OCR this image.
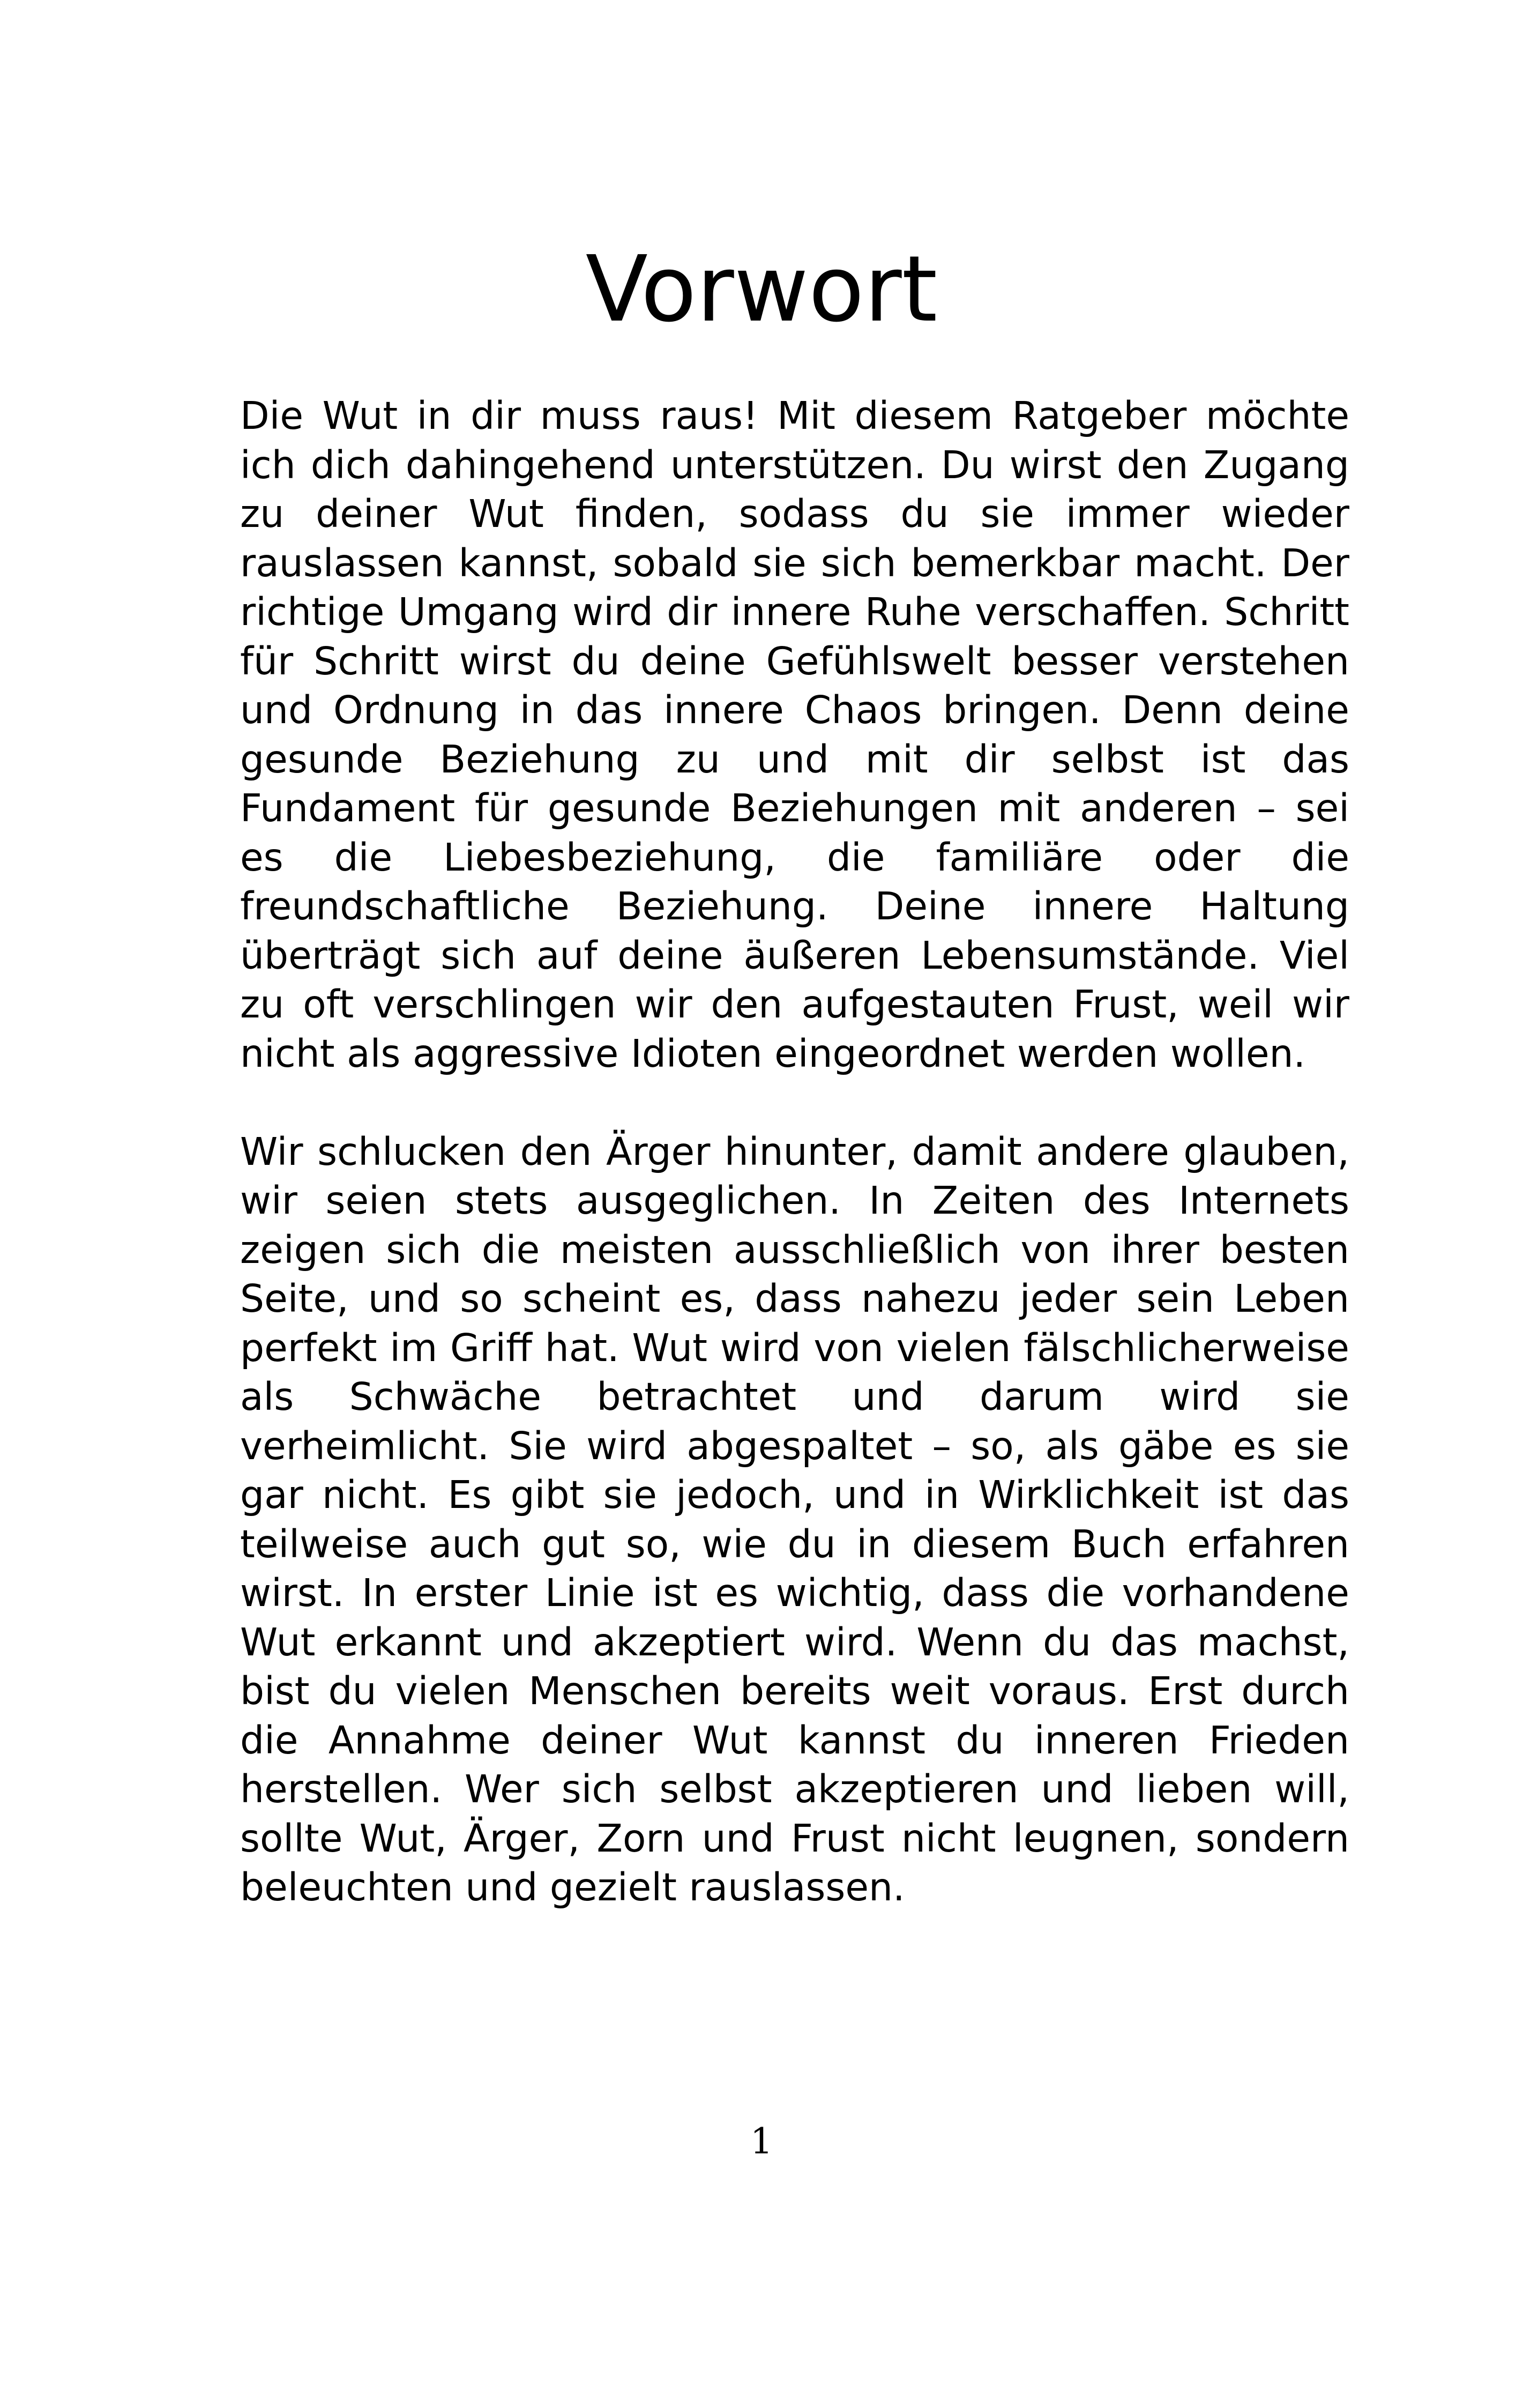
Vorwort

Die Wut in dir muss raus! Mit diesem Ratgeber möchte ich dich dahingehend unterstützen. Du wirst den Zugang zu deiner Wut finden, sodass du sie immer wieder rauslassen kannst, sobald sie sich bemerkbar macht. Der richtige Umgang wird dir innere Ruhe verschaffen. Schritt für Schritt wirst du deine Gefühlswelt besser verstehen und Ordnung in das innere Chaos bringen. Denn deine gesunde Beziehung zu und mit dir selbst ist das Fundament für gesunde Beziehungen mit anderen – sei es die Liebesbeziehung, die familiäre oder die freundschaftliche Beziehung. Deine innere Haltung überträgt sich auf deine äußeren Lebensumstände. Viel zu oft verschlingen wir den aufgestauten Frust, weil wir nicht als aggressive Idioten eingeordnet werden wollen.

Wir schlucken den Ärger hinunter, damit andere glauben, wir seien stets ausgeglichen. In Zeiten des Internets zeigen sich die meisten ausschließlich von ihrer besten Seite, und so scheint es, dass nahezu jeder sein Leben perfekt im Griff hat. Wut wird von vielen fälschlicherweise als Schwäche betrachtet und darum wird sie verheimlicht. Sie wird abgespaltet – so, als gäbe es sie gar nicht. Es gibt sie jedoch, und in Wirklichkeit ist das teilweise auch gut so, wie du in diesem Buch erfahren wirst. In erster Linie ist es wichtig, dass die vorhandene Wut erkannt und akzeptiert wird. Wenn du das machst, bist du vielen Menschen bereits weit voraus. Erst durch die Annahme deiner Wut kannst du inneren Frieden herstellen. Wer sich selbst akzeptieren und lieben will, sollte Wut, Ärger, Zorn und Frust nicht leugnen, sondern beleuchten und gezielt rauslassen.

1
